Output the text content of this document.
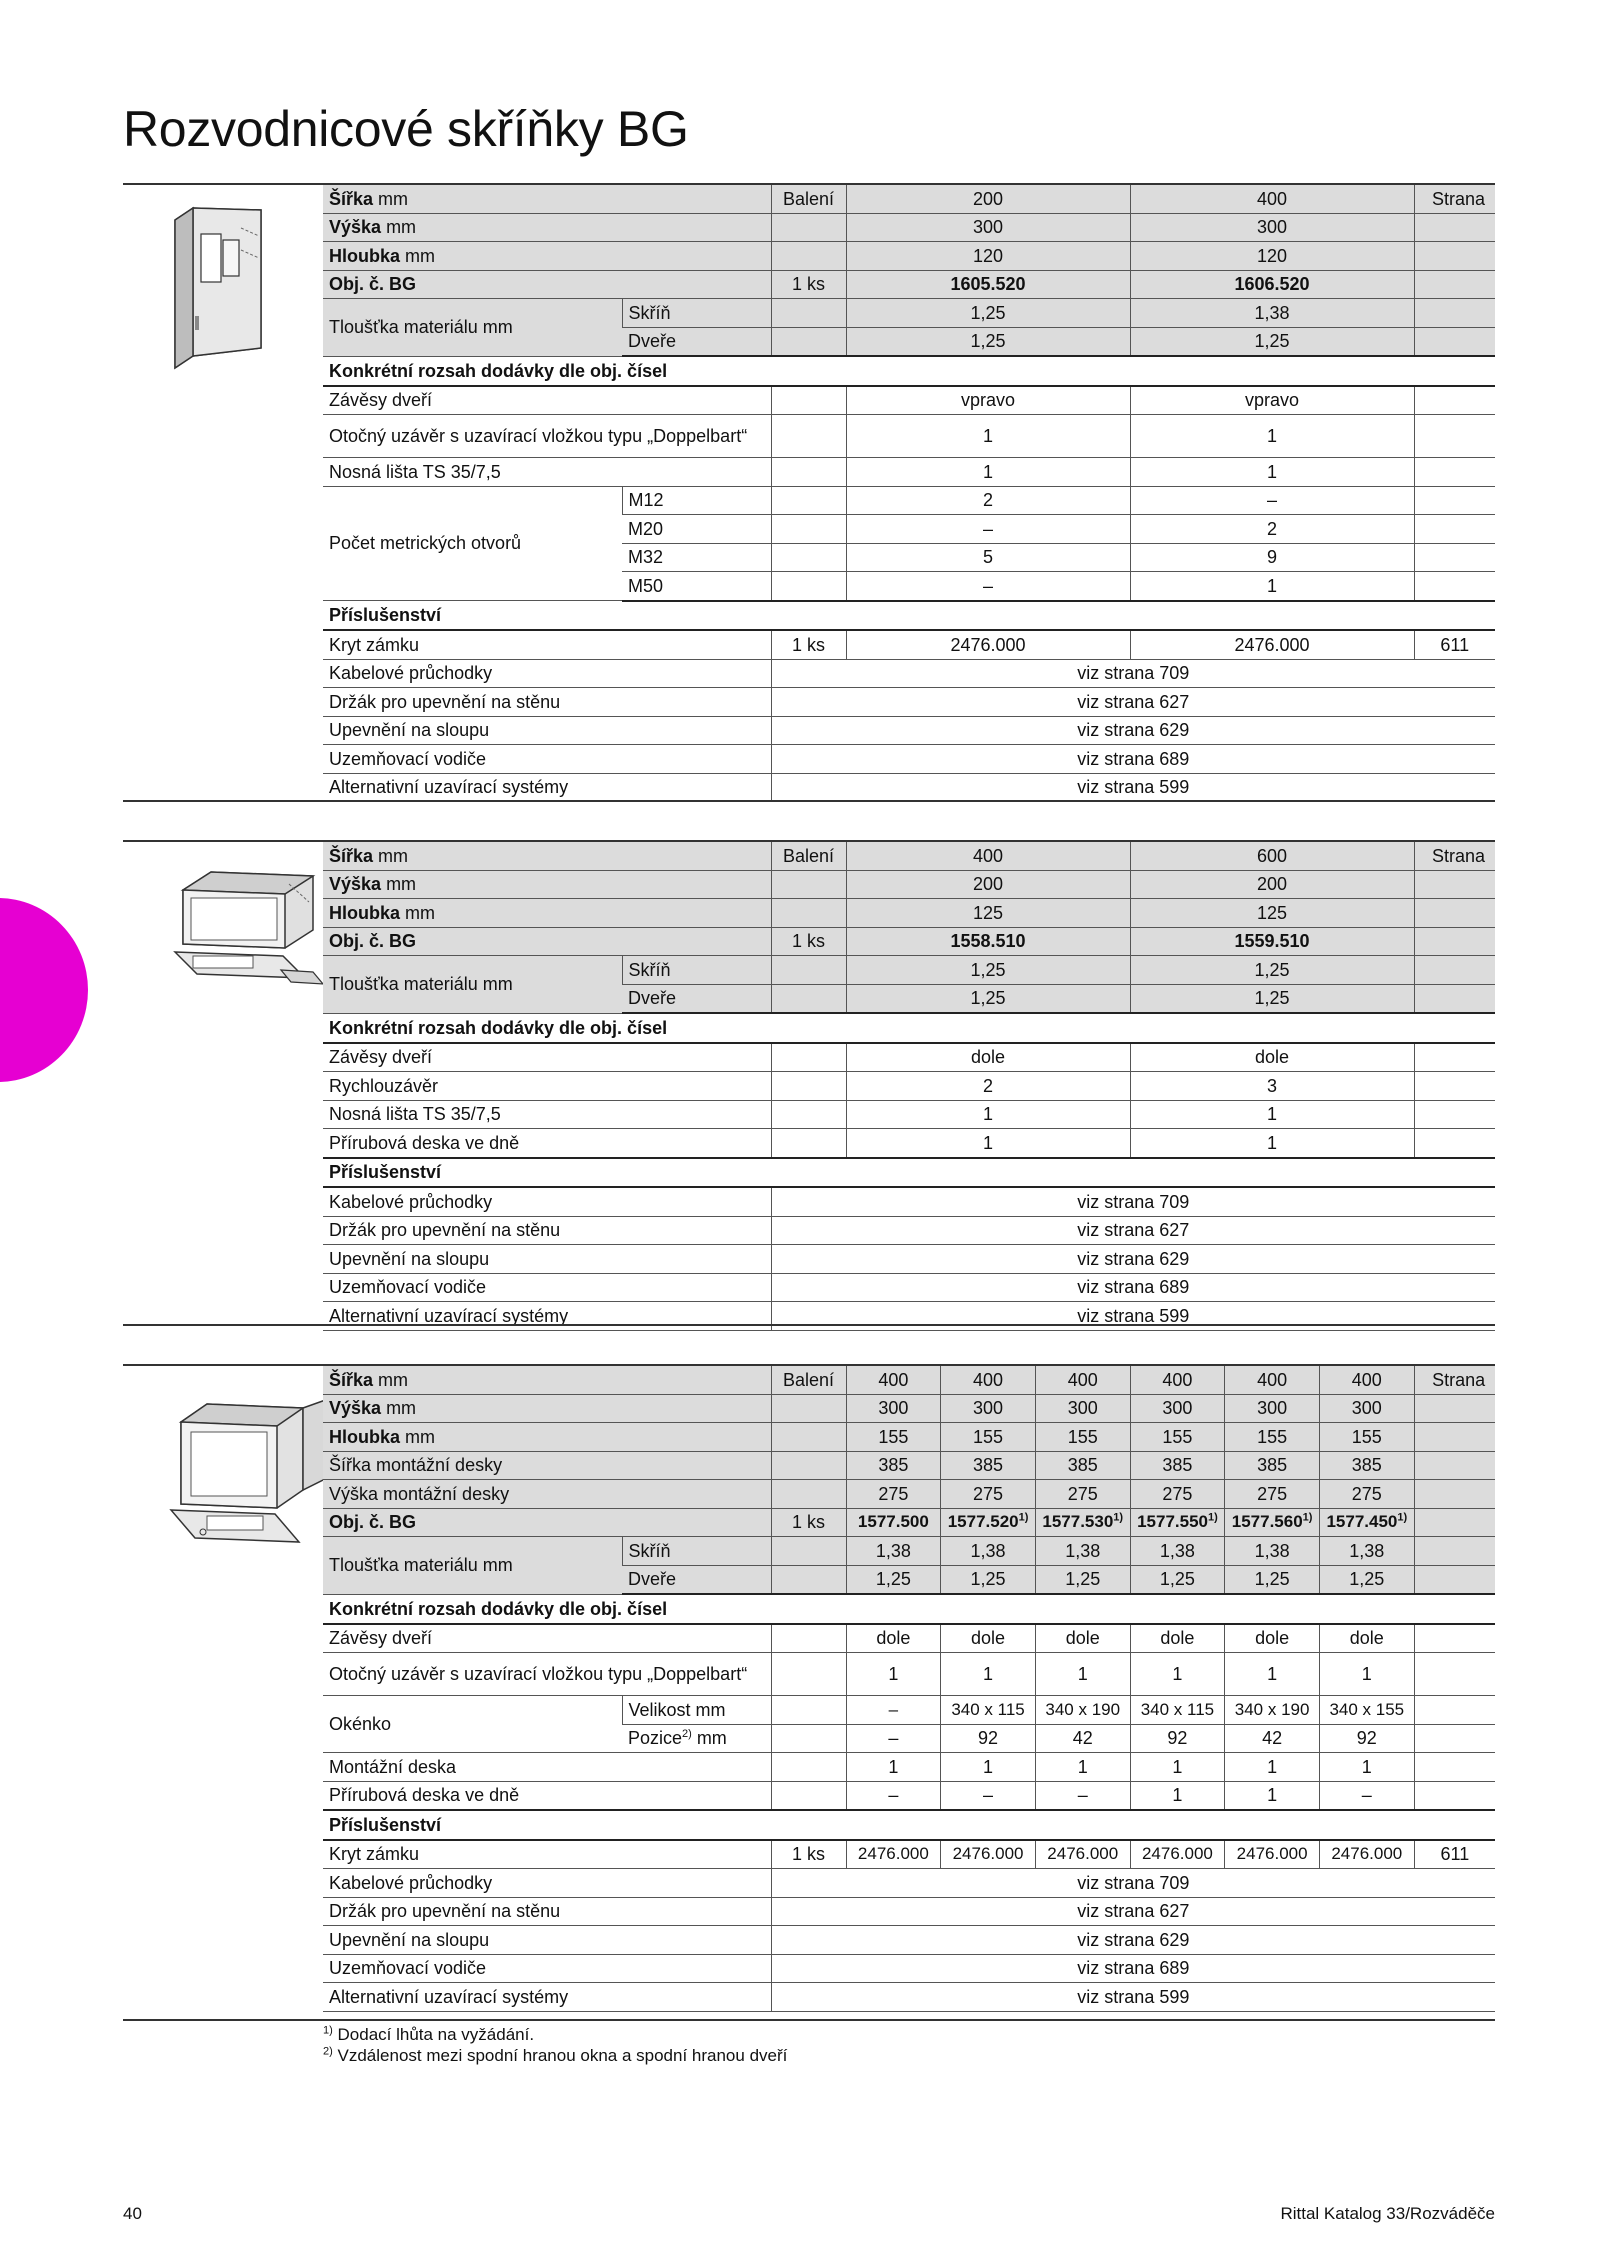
Rozvodnicové skříňky BG
Šířka mm		Balení	200	400	Strana
Výška mm			300	300	
Hloubka mm			120	120	
Obj. č. BG		1 ks	1605.520	1606.520	
Tloušťka materiálu mm	Skříň		1,25	1,38	
	Dveře		1,25	1,25	
Konkrétní rozsah dodávky dle obj. čísel					
Závěsy dveří			vpravo	vpravo	
Otočný uzávěr s uzavírací vložkou typu „Doppelbart“			1	1	
Nosná lišta TS 35/7,5			1	1	
Počet metrických otvorů	M12		2	–	
	M20		–	2	
	M32		5	9	
	M50		–	1	
Příslušenství					
Kryt zámku		1 ks	2476.000	2476.000	611
Kabelové průchodky		viz strana 709			
Držák pro upevnění na stěnu		viz strana 627			
Upevnění na sloupu		viz strana 629			
Uzemňovací vodiče		viz strana 689			
Alternativní uzavírací systémy		viz strana 599			
Šířka mm		Balení	400	600	Strana
Výška mm			200	200	
Hloubka mm			125	125	
Obj. č. BG		1 ks	1558.510	1559.510	
Tloušťka materiálu mm	Skříň		1,25	1,25	
	Dveře		1,25	1,25	
Konkrétní rozsah dodávky dle obj. čísel					
Závěsy dveří			dole	dole	
Rychlouzávěr			2	3	
Nosná lišta TS 35/7,5			1	1	
Přírubová deska ve dně			1	1	
Příslušenství					
Kabelové průchodky		viz strana 709			
Držák pro upevnění na stěnu		viz strana 627			
Upevnění na sloupu		viz strana 629			
Uzemňovací vodiče		viz strana 689			
Alternativní uzavírací systémy		viz strana 599			
Šířka mm		Balení	400	400	400	400	400	400	Strana
Výška mm			300	300	300	300	300	300	
Hloubka mm			155	155	155	155	155	155	
Šířka montážní desky			385	385	385	385	385	385	
Výška montážní desky			275	275	275	275	275	275	
Obj. č. BG		1 ks	1577.500	1577.520$^{1)}$	1577.530$^{1)}$	1577.550$^{1)}$	1577.560$^{1)}$	1577.450$^{1)}$	
Tloušťka materiálu mm	Skříň		1,38	1,38	1,38	1,38	1,38	1,38	
	Dveře		1,25	1,25	1,25	1,25	1,25	1,25	
Konkrétní rozsah dodávky dle obj. čísel									
Závěsy dveří			dole	dole	dole	dole	dole	dole	
Otočný uzávěr s uzavírací vložkou typu „Doppelbart“			1	1	1	1	1	1	
Okénko	Velikost mm		–	340 x 115	340 x 190	340 x 115	340 x 190	340 x 155	
	Pozice$^{2)}$ mm		–	92	42	92	42	92	
Montážní deska			1	1	1	1	1	1	
Přírubová deska ve dně			–	–	–	1	1	–	
Příslušenství									
Kryt zámku		1 ks	2476.000	2476.000	2476.000	2476.000	2476.000	2476.000	611
Kabelové průchodky		viz strana 709							
Držák pro upevnění na stěnu		viz strana 627							
Upevnění na sloupu		viz strana 629							
Uzemňovací vodiče		viz strana 689							
Alternativní uzavírací systémy		viz strana 599							
$^{1)}$ Dodací lhůta na vyžádání.
$^{2)}$ Vzdálenost mezi spodní hranou okna a spodní hranou dveří
40	Rittal Katalog 33/Rozváděče
